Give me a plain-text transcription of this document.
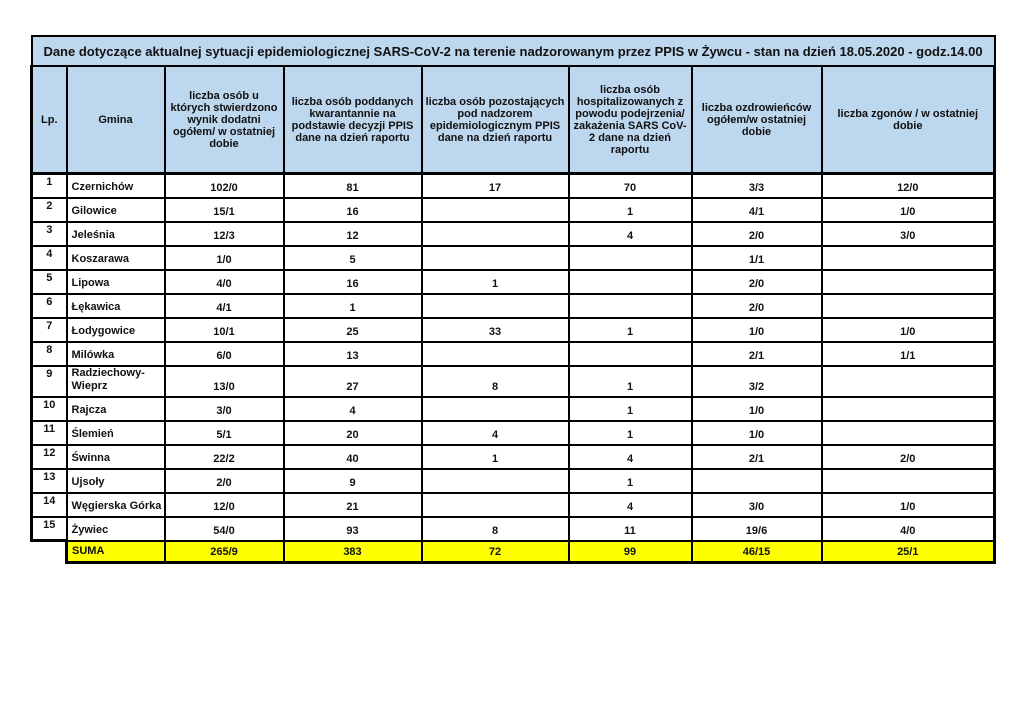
Dane dotyczące aktualnej sytuacji epidemiologicznej SARS-CoV-2 na terenie nadzorowanym przez PPIS w Żywcu - stan na dzień 18.05.2020 - godz.14.00							
Lp.	Gmina	liczba osób u których stwierdzono wynik dodatni ogółem/ w ostatniej dobie	liczba osób poddanych kwarantannie na podstawie decyzji PPIS dane na dzień raportu	liczba osób pozostających pod nadzorem epidemiologicznym PPIS dane na dzień raportu	liczba osób hospitalizowanych z powodu podejrzenia/ zakażenia SARS CoV-2 dane na dzień raportu	liczba ozdrowieńców ogółem/w ostatniej dobie	liczba zgonów / w ostatniej dobie
1	Czernichów	102/0	81	17	70	3/3	12/0
2	Gilowice	15/1	16		1	4/1	1/0
3	Jeleśnia	12/3	12		4	2/0	3/0
4	Koszarawa	1/0	5			1/1	
5	Lipowa	4/0	16	1		2/0	
6	Łękawica	4/1	1			2/0	
7	Łodygowice	10/1	25	33	1	1/0	1/0
8	Milówka	6/0	13			2/1	1/1
9	Radziechowy-Wieprz	13/0	27	8	1	3/2	
10	Rajcza	3/0	4		1	1/0	
11	Ślemień	5/1	20	4	1	1/0	
12	Świnna	22/2	40	1	4	2/1	2/0
13	Ujsoły	2/0	9		1		
14	Węgierska Górka	12/0	21		4	3/0	1/0
15	Żywiec	54/0	93	8	11	19/6	4/0
	SUMA	265/9	383	72	99	46/15	25/1
